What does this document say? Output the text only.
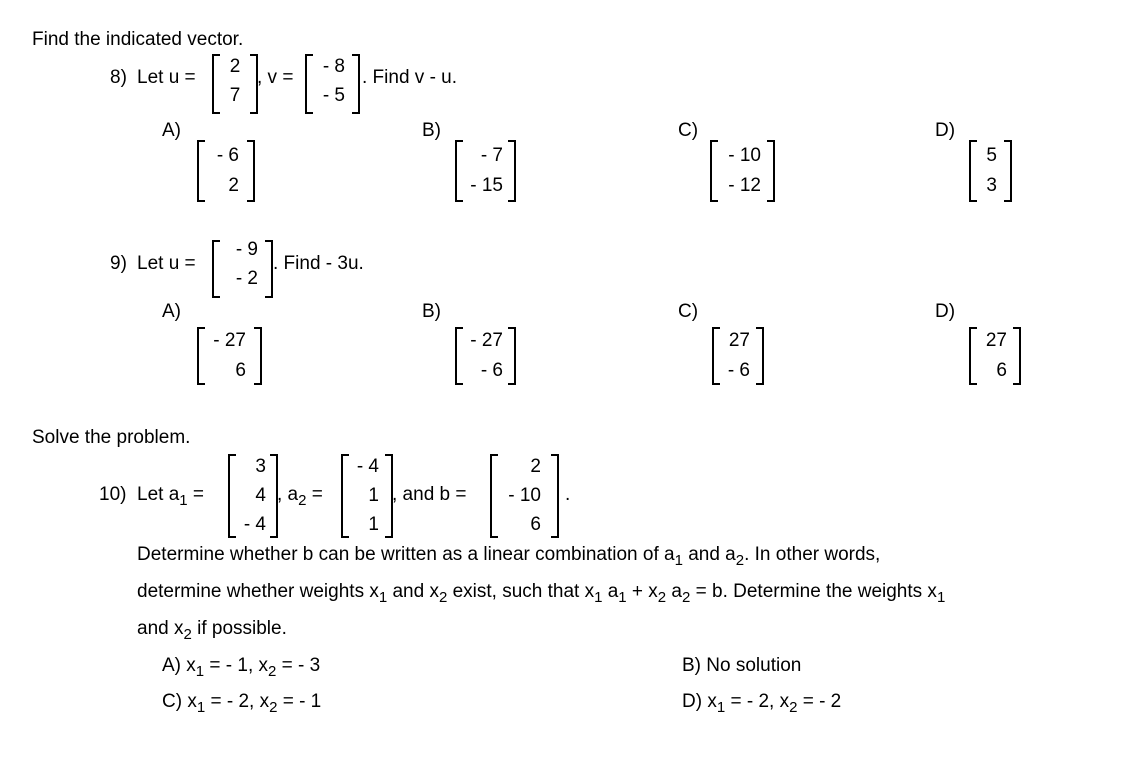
Find the indicated vector.
8) Let u =
2
7
, v =
- 8
- 5
. Find v - u.
A)
- 6
2
B)
- 7
- 15
C)
- 10
- 12
D)
5
3
9) Let u =
- 9
- 2
. Find - 3u.
A)
- 27
6
B)
- 27
- 6
C)
27
- 6
D)
27
6
Solve the problem.
10) Let $a_1$ =
3
4
- 4
, $a_2$ =
- 4
1
1
, and b =
2
- 10
6
.
Determine whether b can be written as a linear combination of $a_1$ and $a_2$. In other words,
determine whether weights $x_1$ and $x_2$ exist, such that $x_1$ $a_1 + x_2$ $a_2 = b$. Determine the weights $x_1$
and $x_2$ if possible.
A) $x_1$ = - 1, $x_2$ = - 3	B) No solution
C) $x_1$ = - 2, $x_2$ = - 1	D) $x_1$ = - 2, $x_2$ = - 2
